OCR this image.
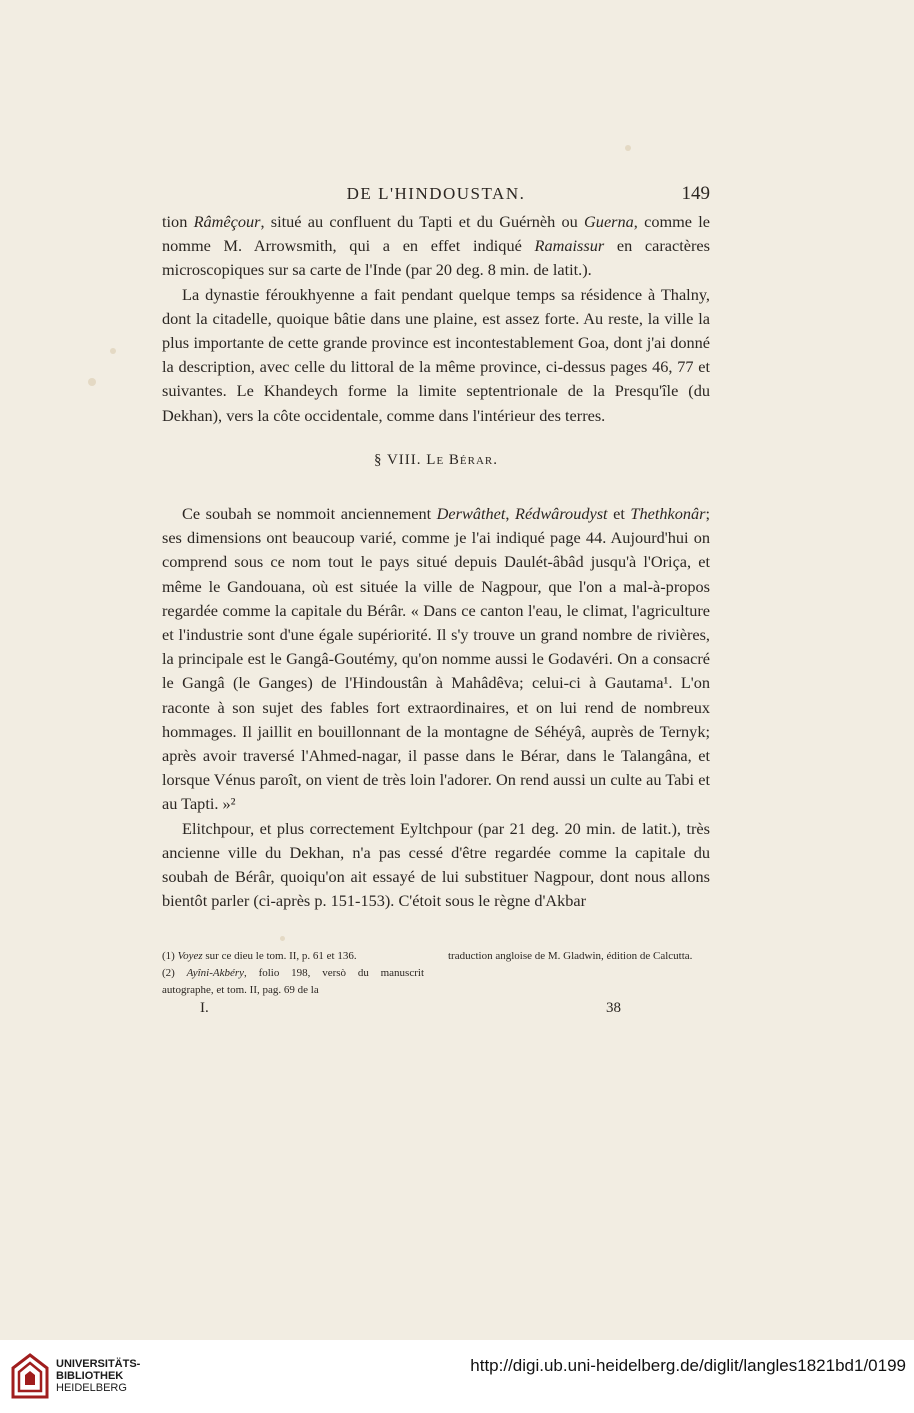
DE L'HINDOUSTAN.	149

tion Râmêçour, situé au confluent du Tapti et du Guérnèh ou Guerna, comme le nomme M. Arrowsmith, qui a en effet indiqué Ramaissur en caractères microscopiques sur sa carte de l'Inde (par 20 deg. 8 min. de latit.).

La dynastie féroukhyenne a fait pendant quelque temps sa résidence à Thalny, dont la citadelle, quoique bâtie dans une plaine, est assez forte. Au reste, la ville la plus importante de cette grande province est incontestablement Goa, dont j'ai donné la description, avec celle du littoral de la même province, ci-dessus pages 46, 77 et suivantes. Le Khandeych forme la limite septentrionale de la Presqu'île (du Dekhan), vers la côte occidentale, comme dans l'intérieur des terres.

§ VIII. Le Bérar.

Ce soubah se nommoit anciennement Derwâthet, Rédwâroudyst et Thethkonâr; ses dimensions ont beaucoup varié, comme je l'ai indiqué page 44. Aujourd'hui on comprend sous ce nom tout le pays situé depuis Daulét-âbâd jusqu'à l'Oriça, et même le Gandouana, où est située la ville de Nagpour, que l'on a mal-à-propos regardée comme la capitale du Bérâr. « Dans ce canton l'eau, le climat, l'agriculture et l'industrie sont d'une égale supériorité. Il s'y trouve un grand nombre de rivières, la principale est le Gangâ-Goutémy, qu'on nomme aussi le Godavéri. On a consacré le Gangâ (le Ganges) de l'Hindoustân à Mahâdêva; celui-ci à Gautama¹. L'on raconte à son sujet des fables fort extraordinaires, et on lui rend de nombreux hommages. Il jaillit en bouillonnant de la montagne de Séhéyâ, auprès de Ternyk; après avoir traversé l'Ahmed-nagar, il passe dans le Bérar, dans le Talangâna, et lorsque Vénus paroît, on vient de très loin l'adorer. On rend aussi un culte au Tabi et au Tapti. »²

Elitchpour, et plus correctement Eyltchpour (par 21 deg. 20 min. de latit.), très ancienne ville du Dekhan, n'a pas cessé d'être regardée comme la capitale du soubah de Bérâr, quoiqu'on ait essayé de lui substituer Nagpour, dont nous allons bientôt parler (ci-après p. 151-153). C'étoit sous le règne d'Akbar

(1) Voyez sur ce dieu le tom. II, p. 61 et 136.

(2) Ayîni-Akbéry, folio 198, versò du manuscrit autographe, et tom. II, pag. 69 de la

traduction angloise de M. Gladwin, édition de Calcutta.

I.	38
UNIVERSITÄTS-
BIBLIOTHEK
HEIDELBERG
http://digi.ub.uni-heidelberg.de/diglit/langles1821bd1/0199
